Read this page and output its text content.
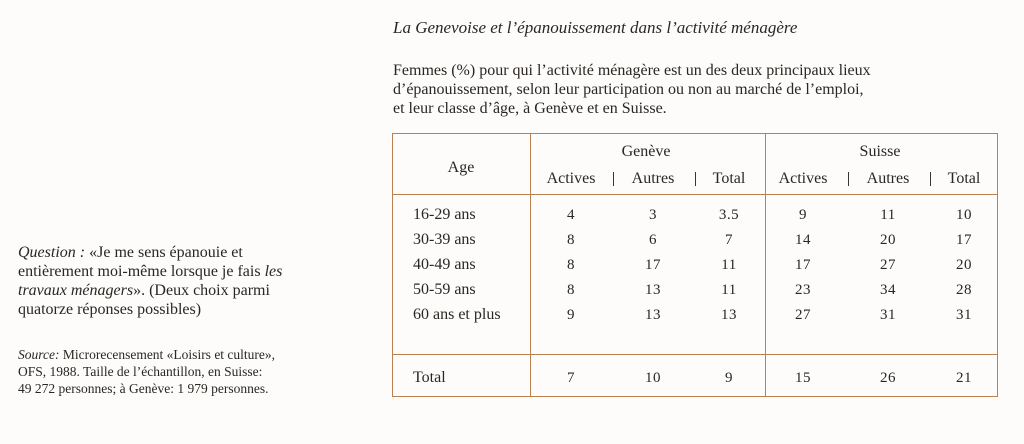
La Genevoise et l’épanouissement dans l’activité ménagère
Femmes (%) pour qui l’activité ménagère est un des deux principaux lieux
d’épanouissement, selon leur participation ou non au marché de l’emploi,
et leur classe d’âge, à Genève et en Suisse.
Question : «Je me sens épanouie et
entièrement moi-même lorsque je fais les
travaux ménagers». (Deux choix parmi
quatorze réponses possibles)
Source: Microrecensement «Loisirs et culture»,
OFS, 1988. Taille de l’échantillon, en Suisse:
49 272 personnes; à Genève: 1 979 personnes.
Age
Genève	Suisse
Actives Autres Total Actives Autres Total
16-29 ans	4	3	3.5	9	11	10
30-39 ans	8	6	7	14	20	17
40-49 ans	8	17	11	17	27	20
50-59 ans	8	13	11	23	34	28
60 ans et plus	9	13	13	27	31	31
Total	7	10	9	15	26	21
